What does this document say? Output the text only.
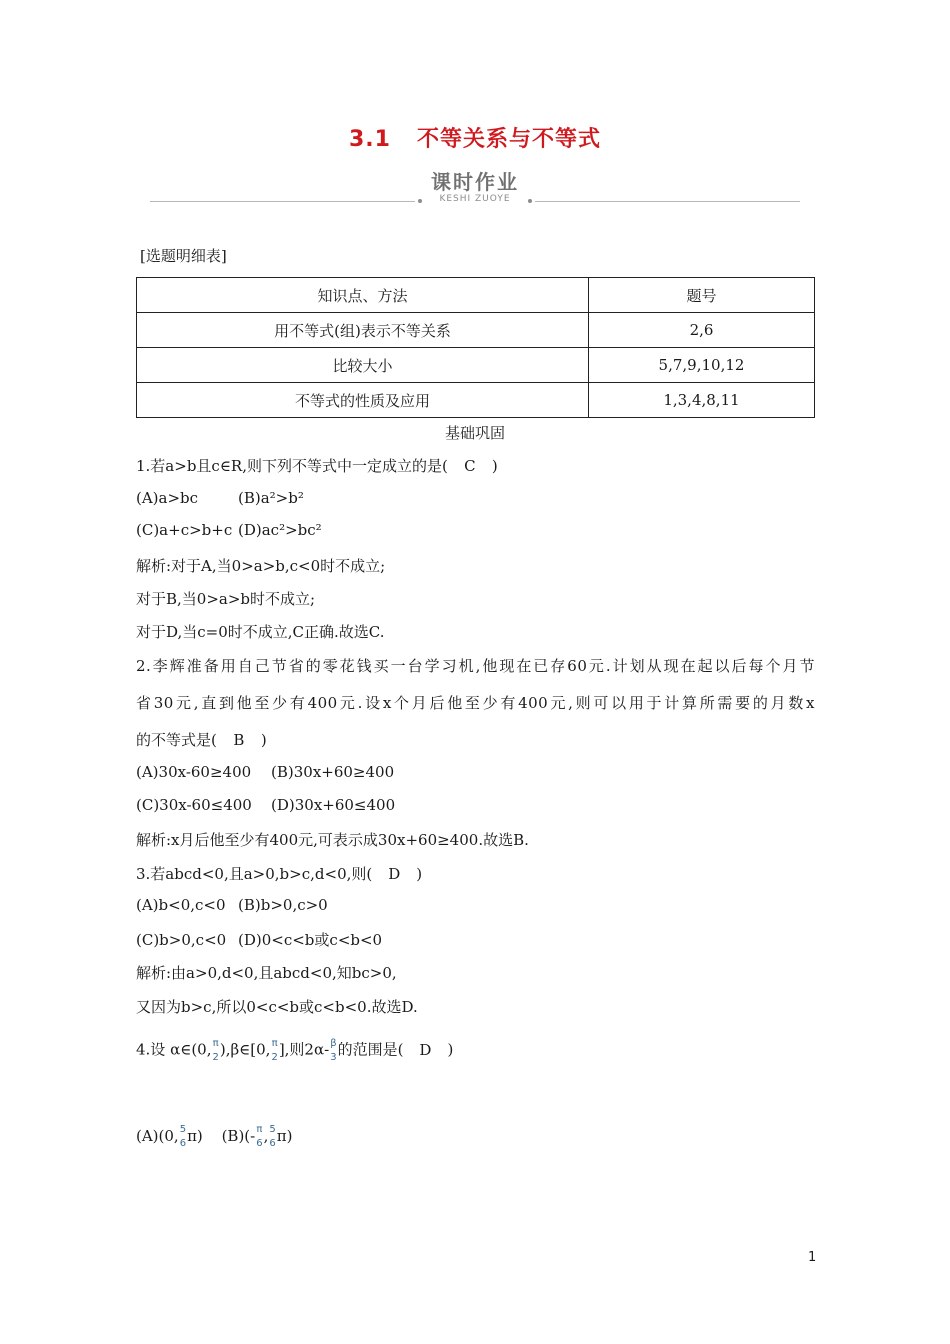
3.1 不等关系与不等式
课时作业
KESHI ZUOYE
[选题明细表]
知识点、方法	题号
用不等式(组)表示不等关系	2,6
比较大小	5,7,9,10,12
不等式的性质及应用	1,3,4,8,11
基础巩固
1.若a>b且c∈R,则下列不等式中一定成立的是( C )
(A)a>bc	(B)a²>b²
(C)a+c>b+c (D)ac²>bc²
解析:对于A,当0>a>b,c<0时不成立;
对于B,当0>a>b时不成立;
对于D,当c=0时不成立,C正确.故选C.
2.李辉准备用自己节省的零花钱买一台学习机,他现在已存60元.计划从现在起以后每个月节
省30元,直到他至少有400元.设x个月后他至少有400元,则可以用于计算所需要的月数x
的不等式是( B )
(A)30x-60≥400 (B)30x+60≥400
(C)30x-60≤400 (D)30x+60≤400
解析:x月后他至少有400元,可表示成30x+60≥400.故选B.
3.若abcd<0,且a>0,b>c,d<0,则( D )
(A)b<0,c<0 (B)b>0,c>0
(C)b>0,c<0 (D)0<c<b或c<b<0
解析:由a>0,d<0,且abcd<0,知bc>0,
又因为b>c,所以0<c<b或c<b<0.故选D.
4.设 α∈(0, π
2 ),β∈[0, π
2 ],则2α- β
3 的范围是( D )
(A)(0, 5
6 π) (B)(- π
6 , 5
6 π)
1
